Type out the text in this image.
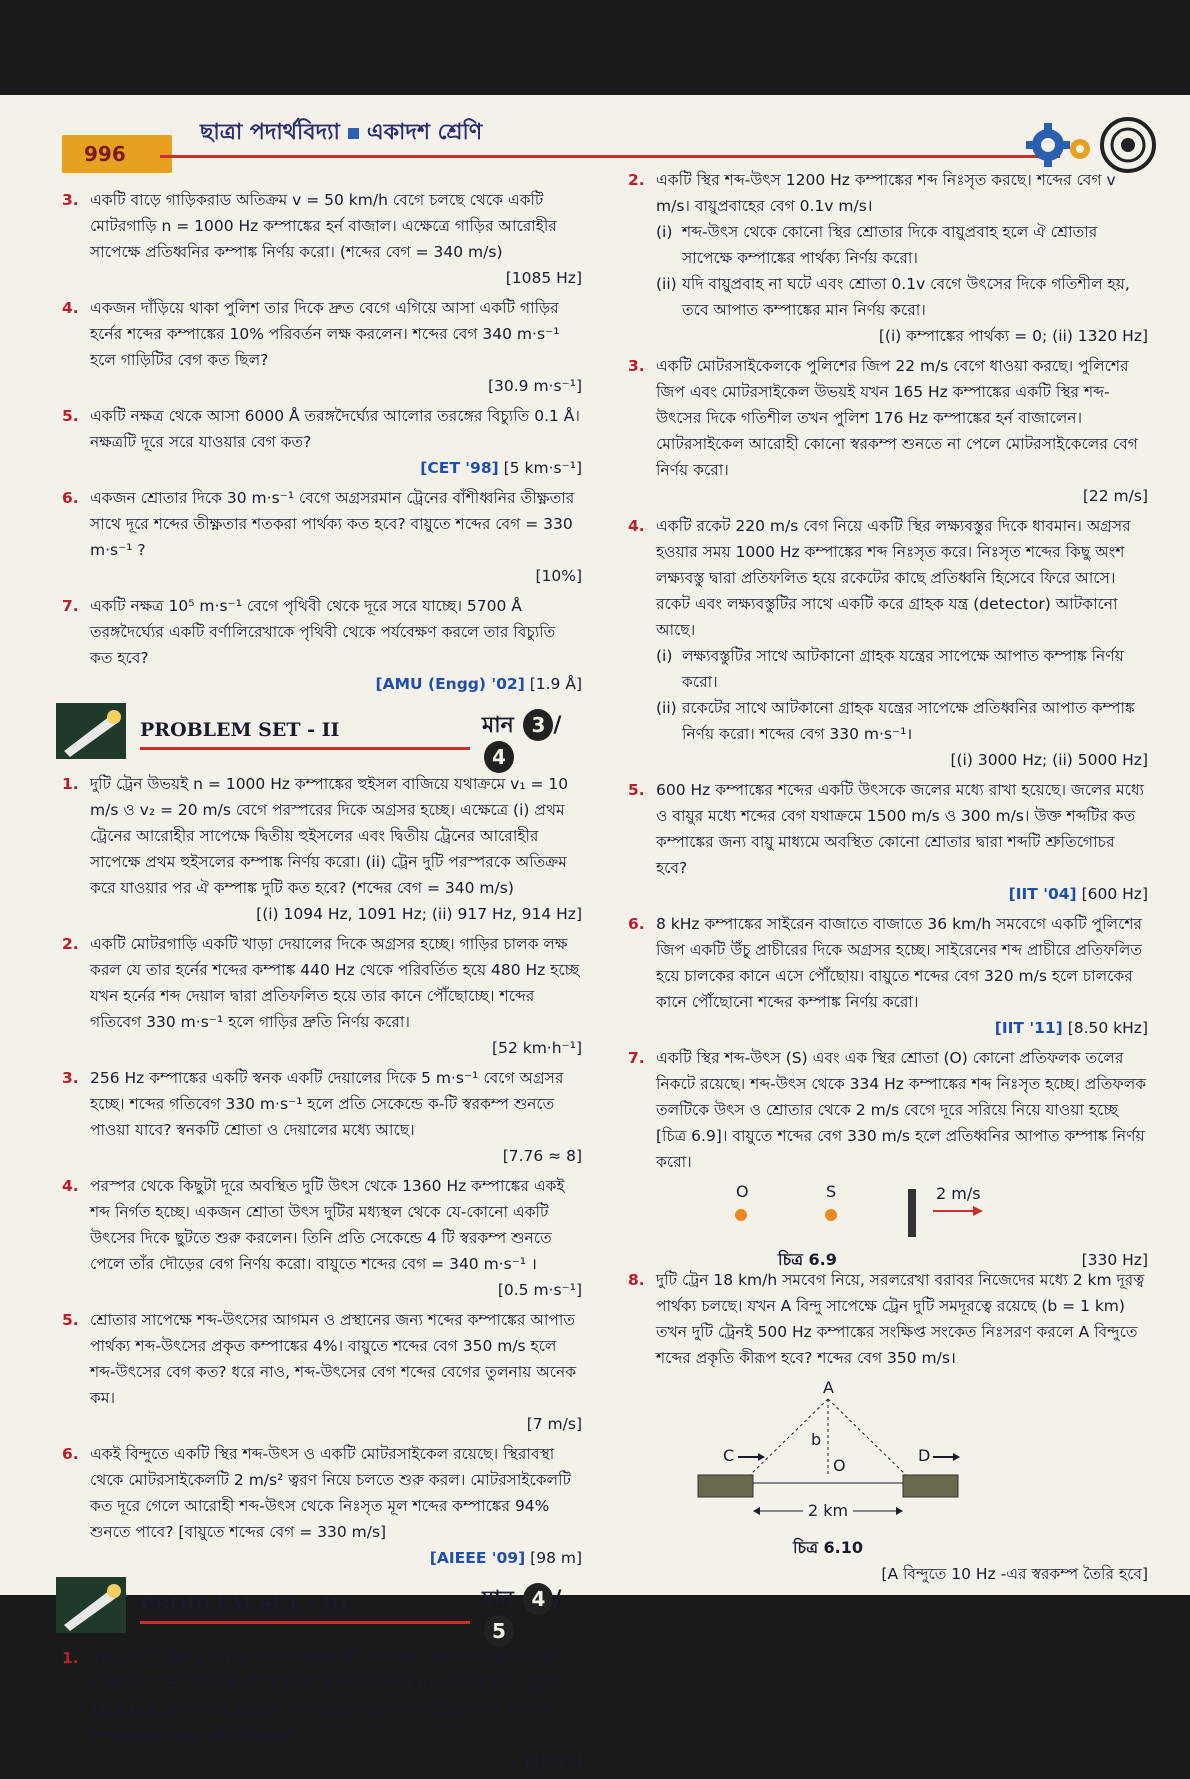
996
ছাত্রা পদার্থবিদ্যা একাদশ শ্রেণি
3. একটি বাড়ে গাড়িকরাড অতিক্রম v = 50 km/h বেগে চলছে থেকে একটি মোটরগাড়ি n = 1000 Hz কম্পাঙ্কের হর্ন বাজাল। এক্ষেত্রে গাড়ির আরোহীর সাপেক্ষে প্রতিধ্বনির কম্পাঙ্ক নির্ণয় করো। (শব্দের বেগ = 340 m/s)
[1085 Hz]
4. একজন দাঁড়িয়ে থাকা পুলিশ তার দিকে দ্রুত বেগে এগিয়ে আসা একটি গাড়ির হর্নের শব্দের কম্পাঙ্কের 10% পরিবর্তন লক্ষ করলেন। শব্দের বেগ 340 m·s⁻¹ হলে গাড়িটির বেগ কত ছিল?
[30.9 m·s⁻¹]
5. একটি নক্ষত্র থেকে আসা 6000 Å তরঙ্গদৈর্ঘ্যের আলোর তরঙ্গের বিচ্যুতি 0.1 Å। নক্ষত্রটি দূরে সরে যাওয়ার বেগ কত?
[CET '98] [5 km·s⁻¹]
6. একজন শ্রোতার দিকে 30 m·s⁻¹ বেগে অগ্রসরমান ট্রেনের বাঁশীধ্বনির তীক্ষ্ণতার সাথে দূরে শব্দের তীক্ষ্ণতার শতকরা পার্থক্য কত হবে? বায়ুতে শব্দের বেগ = 330 m·s⁻¹ ?
[10%]
7. একটি নক্ষত্র 10⁵ m·s⁻¹ বেগে পৃথিবী থেকে দূরে সরে যাচ্ছে। 5700 Å তরঙ্গদৈর্ঘ্যের একটি বর্ণালিরেখাকে পৃথিবী থেকে পর্যবেক্ষণ করলে তার বিচ্যুতি কত হবে?
[AMU (Engg) '02] [1.9 Å]
PROBLEM SET - II	মান 3 /4
1. দুটি ট্রেন উভয়ই n = 1000 Hz কম্পাঙ্কের হুইসল বাজিয়ে যথাক্রমে v₁ = 10 m/s ও v₂ = 20 m/s বেগে পরস্পরের দিকে অগ্রসর হচ্ছে। এক্ষেত্রে (i) প্রথম ট্রেনের আরোহীর সাপেক্ষে দ্বিতীয় হুইসলের এবং দ্বিতীয় ট্রেনের আরোহীর সাপেক্ষে প্রথম হুইসলের কম্পাঙ্ক নির্ণয় করো। (ii) ট্রেন দুটি পরস্পরকে অতিক্রম করে যাওয়ার পর ঐ কম্পাঙ্ক দুটি কত হবে? (শব্দের বেগ = 340 m/s)
[(i) 1094 Hz, 1091 Hz; (ii) 917 Hz, 914 Hz]
2. একটি মোটরগাড়ি একটি খাড়া দেয়ালের দিকে অগ্রসর হচ্ছে। গাড়ির চালক লক্ষ করল যে তার হর্নের শব্দের কম্পাঙ্ক 440 Hz থেকে পরিবর্তিত হয়ে 480 Hz হচ্ছে যখন হর্নের শব্দ দেয়াল দ্বারা প্রতিফলিত হয়ে তার কানে পৌঁছোচ্ছে। শব্দের গতিবেগ 330 m·s⁻¹ হলে গাড়ির দ্রুতি নির্ণয় করো।
[52 km·h⁻¹]
3. 256 Hz কম্পাঙ্কের একটি স্বনক একটি দেয়ালের দিকে 5 m·s⁻¹ বেগে অগ্রসর হচ্ছে। শব্দের গতিবেগ 330 m·s⁻¹ হলে প্রতি সেকেন্ডে ক-টি স্বরকম্প শুনতে পাওয়া যাবে? স্বনকটি শ্রোতা ও দেয়ালের মধ্যে আছে।
[7.76 ≈ 8]
4. পরস্পর থেকে কিছুটা দূরে অবস্থিত দুটি উৎস থেকে 1360 Hz কম্পাঙ্কের একই শব্দ নির্গত হচ্ছে। একজন শ্রোতা উৎস দুটির মধ্যস্থল থেকে যে-কোনো একটি উৎসের দিকে ছুটতে শুরু করলেন। তিনি প্রতি সেকেন্ডে 4 টি স্বরকম্প শুনতে পেলে তাঁর দৌড়ের বেগ নির্ণয় করো। বায়ুতে শব্দের বেগ = 340 m·s⁻¹ ।
[0.5 m·s⁻¹]
5. শ্রোতার সাপেক্ষে শব্দ-উৎসের আগমন ও প্রস্থানের জন্য শব্দের কম্পাঙ্কের আপাত পার্থক্য শব্দ-উৎসের প্রকৃত কম্পাঙ্কের 4%। বায়ুতে শব্দের বেগ 350 m/s হলে শব্দ-উৎসের বেগ কত? ধরে নাও, শব্দ-উৎসের বেগ শব্দের বেগের তুলনায় অনেক কম।
[7 m/s]
6. একই বিন্দুতে একটি স্থির শব্দ-উৎস ও একটি মোটরসাইকেল রয়েছে। স্থিরাবস্থা থেকে মোটরসাইকেলটি 2 m/s² ত্বরণ নিয়ে চলতে শুরু করল। মোটরসাইকেলটি কত দূরে গেলে আরোহী শব্দ-উৎস থেকে নিঃসৃত মূল শব্দের কম্পাঙ্কের 94% শুনতে পাবে? [বায়ুতে শব্দের বেগ = 330 m/s]
[AIEEE '09] [98 m]
PROBLEM SET - III	মান 4 /5
1. যখন একটি ট্রেন 33 m/s বেগে একজন দাঁড়িয়ে থাকা শ্রোতার দিকে অগ্রসর হচ্ছে তখন শ্রোতা কর্তৃক গৃহীত শব্দের আপাত কম্পাঙ্ক n₁। আবার যখন ট্রেনটি 16.5 m/s বেগে একই শ্রোতার দিকে অগ্রসর হয় তখন গৃহীত শব্দের আপাত কম্পাঙ্ক n₂। n₁/n₂ -এর মান কত?
[19/18]
2. একটি স্থির শব্দ-উৎস 1200 Hz কম্পাঙ্কের শব্দ নিঃসৃত করছে। শব্দের বেগ v m/s। বায়ুপ্রবাহের বেগ 0.1v m/s।
(i) শব্দ-উৎস থেকে কোনো স্থির শ্রোতার দিকে বায়ুপ্রবাহ হলে ঐ শ্রোতার সাপেক্ষে কম্পাঙ্কের পার্থক্য নির্ণয় করো।
(ii) যদি বায়ুপ্রবাহ না ঘটে এবং শ্রোতা 0.1v বেগে উৎসের দিকে গতিশীল হয়, তবে আপাত কম্পাঙ্কের মান নির্ণয় করো।
[(i) কম্পাঙ্কের পার্থক্য = 0; (ii) 1320 Hz]
3. একটি মোটরসাইকেলকে পুলিশের জিপ 22 m/s বেগে ধাওয়া করছে। পুলিশের জিপ এবং মোটরসাইকেল উভয়ই যখন 165 Hz কম্পাঙ্কের একটি স্থির শব্দ-উৎসের দিকে গতিশীল তখন পুলিশ 176 Hz কম্পাঙ্কের হর্ন বাজালেন। মোটরসাইকেল আরোহী কোনো স্বরকম্প শুনতে না পেলে মোটরসাইকেলের বেগ নির্ণয় করো।
[22 m/s]
4. একটি রকেট 220 m/s বেগ নিয়ে একটি স্থির লক্ষ্যবস্তুর দিকে ধাবমান। অগ্রসর হওয়ার সময় 1000 Hz কম্পাঙ্কের শব্দ নিঃসৃত করে। নিঃসৃত শব্দের কিছু অংশ লক্ষ্যবস্তু দ্বারা প্রতিফলিত হয়ে রকেটের কাছে প্রতিধ্বনি হিসেবে ফিরে আসে। রকেট এবং লক্ষ্যবস্তুটির সাথে একটি করে গ্রাহক যন্ত্র (detector) আটকানো আছে।
(i) লক্ষ্যবস্তুটির সাথে আটকানো গ্রাহক যন্ত্রের সাপেক্ষে আপাত কম্পাঙ্ক নির্ণয় করো।
(ii) রকেটের সাথে আটকানো গ্রাহক যন্ত্রের সাপেক্ষে প্রতিধ্বনির আপাত কম্পাঙ্ক নির্ণয় করো। শব্দের বেগ 330 m·s⁻¹।
[(i) 3000 Hz; (ii) 5000 Hz]
5. 600 Hz কম্পাঙ্কের শব্দের একটি উৎসকে জলের মধ্যে রাখা হয়েছে। জলের মধ্যে ও বায়ুর মধ্যে শব্দের বেগ যথাক্রমে 1500 m/s ও 300 m/s। উক্ত শব্দটির কত কম্পাঙ্কের জন্য বায়ু মাধ্যমে অবস্থিত কোনো শ্রোতার দ্বারা শব্দটি শ্রুতিগোচর হবে?
[IIT '04] [600 Hz]
6. 8 kHz কম্পাঙ্কের সাইরেন বাজাতে বাজাতে 36 km/h সমবেগে একটি পুলিশের জিপ একটি উঁচু প্রাচীরের দিকে অগ্রসর হচ্ছে। সাইরেনের শব্দ প্রাচীরে প্রতিফলিত হয়ে চালকের কানে এসে পৌঁছোয়। বায়ুতে শব্দের বেগ 320 m/s হলে চালকের কানে পৌঁছোনো শব্দের কম্পাঙ্ক নির্ণয় করো।
[IIT '11] [8.50 kHz]
7. একটি স্থির শব্দ-উৎস (S) এবং এক স্থির শ্রোতা (O) কোনো প্রতিফলক তলের নিকটে রয়েছে। শব্দ-উৎস থেকে 334 Hz কম্পাঙ্কের শব্দ নিঃসৃত হচ্ছে। প্রতিফলক তলটিকে উৎস ও শ্রোতার থেকে 2 m/s বেগে দূরে সরিয়ে নিয়ে যাওয়া হচ্ছে [চিত্র 6.9]। বায়ুতে শব্দের বেগ 330 m/s হলে প্রতিধ্বনির আপাত কম্পাঙ্ক নির্ণয় করো।
O	S	2 m/s
চিত্র 6.9	[330 Hz]
8. দুটি ট্রেন 18 km/h সমবেগ নিয়ে, সরলরেখা বরাবর নিজেদের মধ্যে 2 km দূরত্ব পার্থক্য চলছে। যখন A বিন্দু সাপেক্ষে ট্রেন দুটি সমদূরত্বে রয়েছে (b = 1 km) তখন দুটি ট্রেনই 500 Hz কম্পাঙ্কের সংক্ষিপ্ত সংকেত নিঃসরণ করলে A বিন্দুতে শব্দের প্রকৃতি কীরূপ হবে? শব্দের বেগ 350 m/s।
A
b
O
C	D
2 km
চিত্র 6.10
[A বিন্দুতে 10 Hz -এর স্বরকম্প তৈরি হবে]
